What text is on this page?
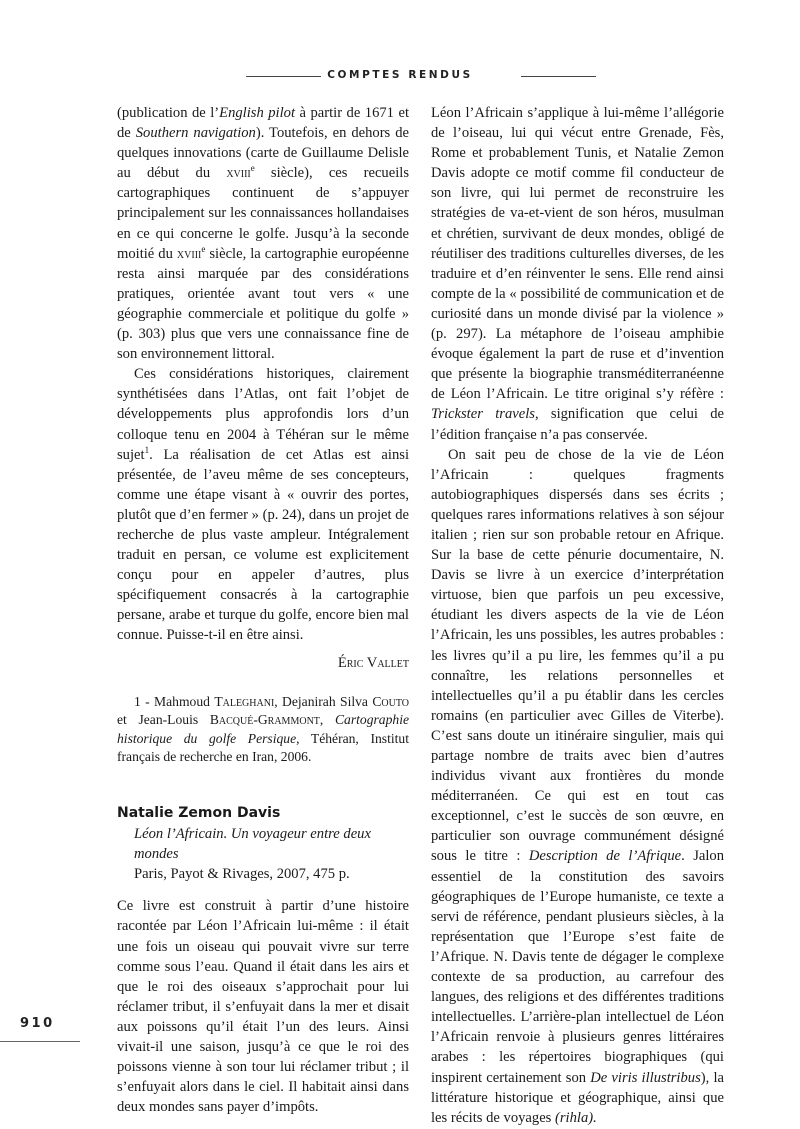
COMPTES RENDUS

(publication de l’English pilot à partir de 1671 et de Southern navigation). Toutefois, en dehors de quelques innovations (carte de Guillaume Delisle au début du xviii$^e$ siècle), ces recueils cartographiques continuent de s’appuyer principalement sur les connaissances hollandaises en ce qui concerne le golfe. Jusqu’à la seconde moitié du xviii$^e$ siècle, la cartographie européenne resta ainsi marquée par des considérations pratiques, orientée avant tout vers « une géographie commerciale et politique du golfe » (p. 303) plus que vers une connaissance fine de son environnement littoral.

Ces considérations historiques, clairement synthétisées dans l’Atlas, ont fait l’objet de développements plus approfondis lors d’un colloque tenu en 2004 à Téhéran sur le même sujet$^1$. La réalisation de cet Atlas est ainsi présentée, de l’aveu même de ses concepteurs, comme une étape visant à « ouvrir des portes, plutôt que d’en fermer » (p. 24), dans un projet de recherche de plus vaste ampleur. Intégralement traduit en persan, ce volume est explicitement conçu pour en appeler d’autres, plus spécifiquement consacrés à la cartographie persane, arabe et turque du golfe, encore bien mal connue. Puisse-t-il en être ainsi.

Éric Vallet

1 - Mahmoud Taleghani, Dejanirah Silva Couto et Jean-Louis Bacqué-Grammont, Cartographie historique du golfe Persique, Téhéran, Institut français de recherche en Iran, 2006.

Natalie Zemon Davis
Léon l’Africain. Un voyageur entre deux mondes
Paris, Payot & Rivages, 2007, 475 p.

Ce livre est construit à partir d’une histoire racontée par Léon l’Africain lui-même : il était une fois un oiseau qui pouvait vivre sur terre comme sous l’eau. Quand il était dans les airs et que le roi des oiseaux s’approchait pour lui réclamer tribut, il s’enfuyait dans la mer et disait aux poissons qu’il était l’un des leurs. Ainsi vivait-il une saison, jusqu’à ce que le roi des poissons vienne à son tour lui réclamer tribut ; il s’enfuyait alors dans le ciel. Il habitait ainsi dans deux mondes sans payer d’impôts.

Léon l’Africain s’applique à lui-même l’allégorie de l’oiseau, lui qui vécut entre Grenade, Fès, Rome et probablement Tunis, et Natalie Zemon Davis adopte ce motif comme fil conducteur de son livre, qui lui permet de reconstruire les stratégies de va-et-vient de son héros, musulman et chrétien, survivant de deux mondes, obligé de réutiliser des traditions culturelles diverses, de les traduire et d’en réinventer le sens. Elle rend ainsi compte de la « possibilité de communication et de curiosité dans un monde divisé par la violence » (p. 297). La métaphore de l’oiseau amphibie évoque également la part de ruse et d’invention que présente la biographie transméditerranéenne de Léon l’Africain. Le titre original s’y réfère : Trickster travels, signification que celui de l’édition française n’a pas conservée.

On sait peu de chose de la vie de Léon l’Africain : quelques fragments autobiographiques dispersés dans ses écrits ; quelques rares informations relatives à son séjour italien ; rien sur son probable retour en Afrique. Sur la base de cette pénurie documentaire, N. Davis se livre à un exercice d’interprétation virtuose, bien que parfois un peu excessive, étudiant les divers aspects de la vie de Léon l’Africain, les uns possibles, les autres probables : les livres qu’il a pu lire, les femmes qu’il a pu connaître, les relations personnelles et intellectuelles qu’il a pu établir dans les cercles romains (en particulier avec Gilles de Viterbe). C’est sans doute un itinéraire singulier, mais qui partage nombre de traits avec bien d’autres individus vivant aux frontières du monde méditerranéen. Ce qui est en tout cas exceptionnel, c’est le succès de son œuvre, en particulier son ouvrage communément désigné sous le titre : Description de l’Afrique. Jalon essentiel de la constitution des savoirs géographiques de l’Europe humaniste, ce texte a servi de référence, pendant plusieurs siècles, à la représentation que l’Europe s’est faite de l’Afrique. N. Davis tente de dégager le complexe contexte de sa production, au carrefour des langues, des religions et des différentes traditions intellectuelles. L’arrière-plan intellectuel de Léon l’Africain renvoie à plusieurs genres littéraires arabes : les répertoires biographiques (qui inspirent certainement son De viris illustribus), la littérature historique et géographique, ainsi que les récits de voyages (rihla).

910
